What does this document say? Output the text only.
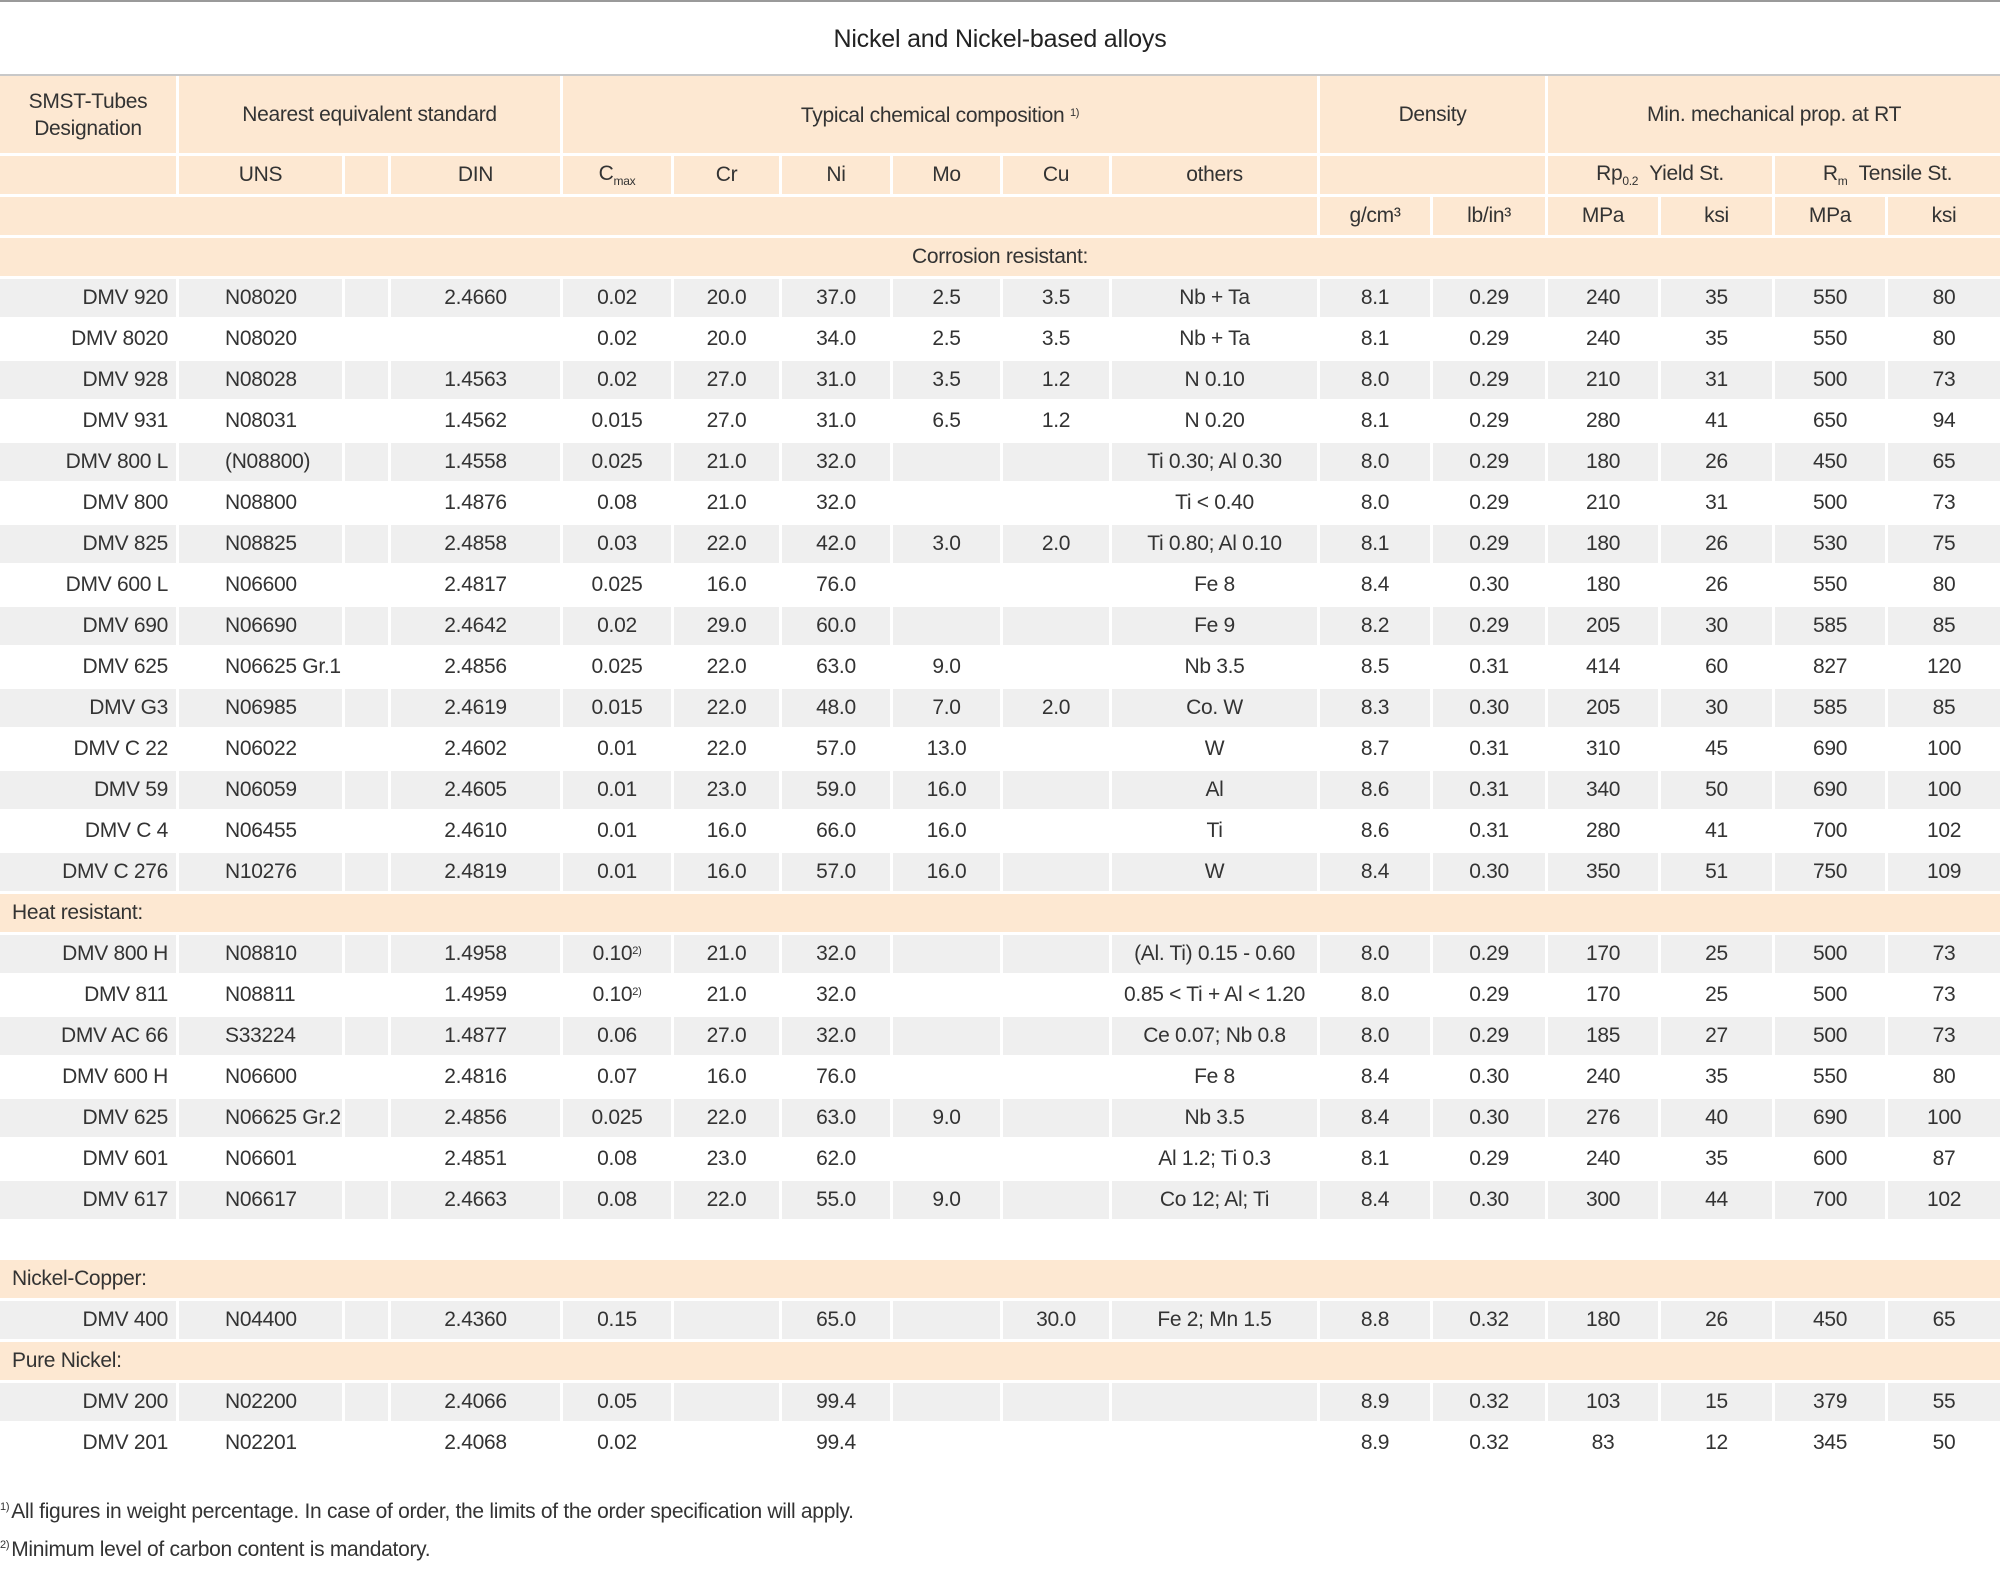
Nickel and Nickel-based alloys
SMST-Tubes Designation	Nearest equivalent standard			Typical chemical composition $^{1)}$						Density		Min. mechanical prop. at RT			
	UNS		DIN	$C_{max}$	Cr	Ni	Mo	Cu	others			$Rp_{0.2}$ Yield St.		$R_m$ Tensile St.	
										g/cm³	lb/in³	MPa	ksi	MPa	ksi
Corrosion resistant:															
DMV 920	N08020		2.4660	0.02	20.0	37.0	2.5	3.5	Nb + Ta	8.1	0.29	240	35	550	80
DMV 8020	N08020			0.02	20.0	34.0	2.5	3.5	Nb + Ta	8.1	0.29	240	35	550	80
DMV 928	N08028		1.4563	0.02	27.0	31.0	3.5	1.2	N 0.10	8.0	0.29	210	31	500	73
DMV 931	N08031		1.4562	0.015	27.0	31.0	6.5	1.2	N 0.20	8.1	0.29	280	41	650	94
DMV 800 L	(N08800)		1.4558	0.025	21.0	32.0			Ti 0.30; Al 0.30	8.0	0.29	180	26	450	65
DMV 800	N08800		1.4876	0.08	21.0	32.0			Ti < 0.40	8.0	0.29	210	31	500	73
DMV 825	N08825		2.4858	0.03	22.0	42.0	3.0	2.0	Ti 0.80; Al 0.10	8.1	0.29	180	26	530	75
DMV 600 L	N06600		2.4817	0.025	16.0	76.0			Fe 8	8.4	0.30	180	26	550	80
DMV 690	N06690		2.4642	0.02	29.0	60.0			Fe 9	8.2	0.29	205	30	585	85
DMV 625	N06625 Gr.1		2.4856	0.025	22.0	63.0	9.0		Nb 3.5	8.5	0.31	414	60	827	120
DMV G3	N06985		2.4619	0.015	22.0	48.0	7.0	2.0	Co. W	8.3	0.30	205	30	585	85
DMV C 22	N06022		2.4602	0.01	22.0	57.0	13.0		W	8.7	0.31	310	45	690	100
DMV 59	N06059		2.4605	0.01	23.0	59.0	16.0		Al	8.6	0.31	340	50	690	100
DMV C 4	N06455		2.4610	0.01	16.0	66.0	16.0		Ti	8.6	0.31	280	41	700	102
DMV C 276	N10276		2.4819	0.01	16.0	57.0	16.0		W	8.4	0.30	350	51	750	109
Heat resistant:															
DMV 800 H	N08810		1.4958	0.10$^{2)}$	21.0	32.0			(Al. Ti) 0.15 - 0.60	8.0	0.29	170	25	500	73
DMV 811	N08811		1.4959	0.10$^{2)}$	21.0	32.0			0.85 < Ti + Al < 1.20	8.0	0.29	170	25	500	73
DMV AC 66	S33224		1.4877	0.06	27.0	32.0			Ce 0.07; Nb 0.8	8.0	0.29	185	27	500	73
DMV 600 H	N06600		2.4816	0.07	16.0	76.0			Fe 8	8.4	0.30	240	35	550	80
DMV 625	N06625 Gr.2		2.4856	0.025	22.0	63.0	9.0		Nb 3.5	8.4	0.30	276	40	690	100
DMV 601	N06601		2.4851	0.08	23.0	62.0			Al 1.2; Ti 0.3	8.1	0.29	240	35	600	87
DMV 617	N06617		2.4663	0.08	22.0	55.0	9.0		Co 12; Al; Ti	8.4	0.30	300	44	700	102

Nickel-Copper:															
DMV 400	N04400		2.4360	0.15		65.0		30.0	Fe 2; Mn 1.5	8.8	0.32	180	26	450	65
Pure Nickel:															
DMV 200	N02200		2.4066	0.05		99.4				8.9	0.32	103	15	379	55
DMV 201	N02201		2.4068	0.02		99.4				8.9	0.32	83	12	345	50
$^{1)}$All figures in weight percentage. In case of order, the limits of the order specification will apply.
$^{2)}$Minimum level of carbon content is mandatory.
